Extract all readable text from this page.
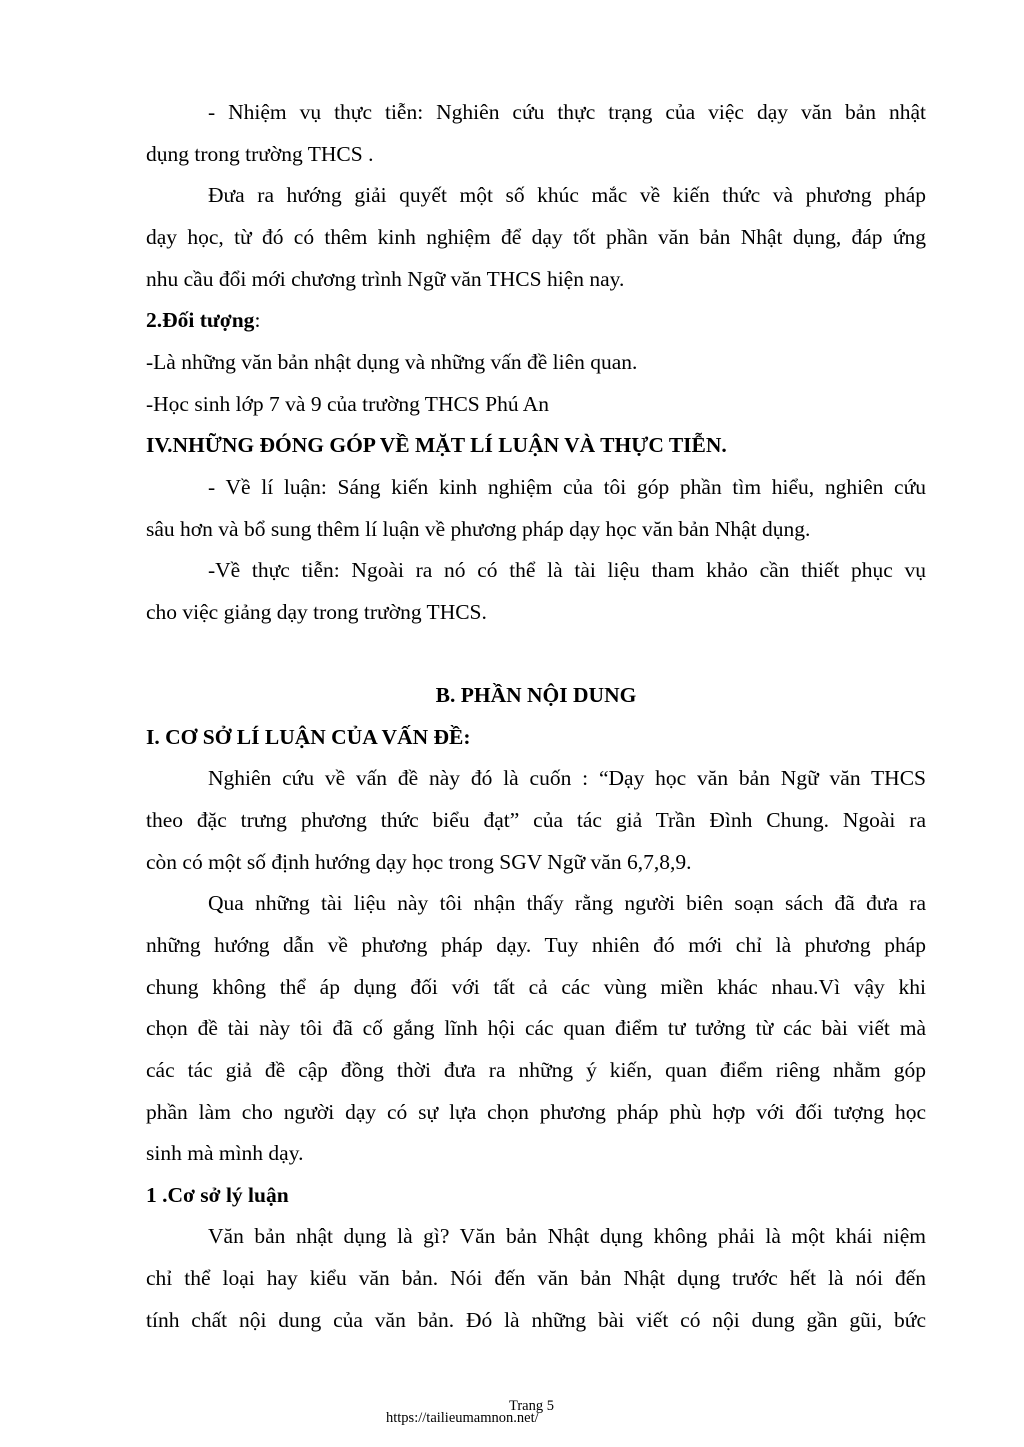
- Nhiệm vụ thực tiễn: Nghiên cứu thực trạng của việc dạy văn bản nhật
dụng trong trường THCS .
Đưa ra hướng giải quyết một số khúc mắc về kiến thức và phương pháp
dạy học, từ đó có thêm kinh nghiệm để dạy tốt phần văn bản Nhật dụng, đáp ứng
nhu cầu đổi mới chương trình Ngữ văn THCS hiện nay.
2.Đối tượng:
-Là những văn bản nhật dụng và những vấn đề liên quan.
-Học sinh lớp 7 và 9 của trường THCS Phú An
IV.NHỮNG ĐÓNG GÓP VỀ MẶT LÍ LUẬN VÀ THỰC TIỄN.
- Về lí luận: Sáng kiến kinh nghiệm của tôi góp phần tìm hiểu, nghiên cứu
sâu hơn và bổ sung thêm lí luận về phương pháp dạy học văn bản Nhật dụng.
-Về thực tiễn: Ngoài ra nó có thể là tài liệu tham khảo cần thiết phục vụ
cho việc giảng dạy trong trường THCS.
B. PHẦN NỘI DUNG
I. CƠ SỞ LÍ LUẬN CỦA VẤN ĐỀ:
Nghiên cứu về vấn đề này đó là cuốn : “Dạy học văn bản Ngữ văn THCS
theo đặc trưng phương thức biểu đạt” của tác giả Trần Đình Chung. Ngoài ra
còn có một số định hướng dạy học trong SGV Ngữ văn 6,7,8,9.
Qua những tài liệu này tôi nhận thấy rằng người biên soạn sách đã đưa ra
những hướng dẫn về phương pháp dạy. Tuy nhiên đó mới chỉ là phương pháp
chung không thể áp dụng đối với tất cả các vùng miền khác nhau.Vì vậy khi
chọn đề tài này tôi đã cố gắng lĩnh hội các quan điểm tư tưởng từ các bài viết mà
các tác giả đề cập đồng thời đưa ra những ý kiến, quan điểm riêng nhằm góp
phần làm cho người dạy có sự lựa chọn phương pháp phù hợp với đối tượng học
sinh mà mình dạy.
1 .Cơ sở lý luận
Văn bản nhật dụng là gì? Văn bản Nhật dụng không phải là một khái niệm
chỉ thể loại hay kiểu văn bản. Nói đến văn bản Nhật dụng trước hết là nói đến
tính chất nội dung của văn bản. Đó là những bài viết có nội dung gần gũi, bức
Trang 5
https://tailieumamnon.net/
